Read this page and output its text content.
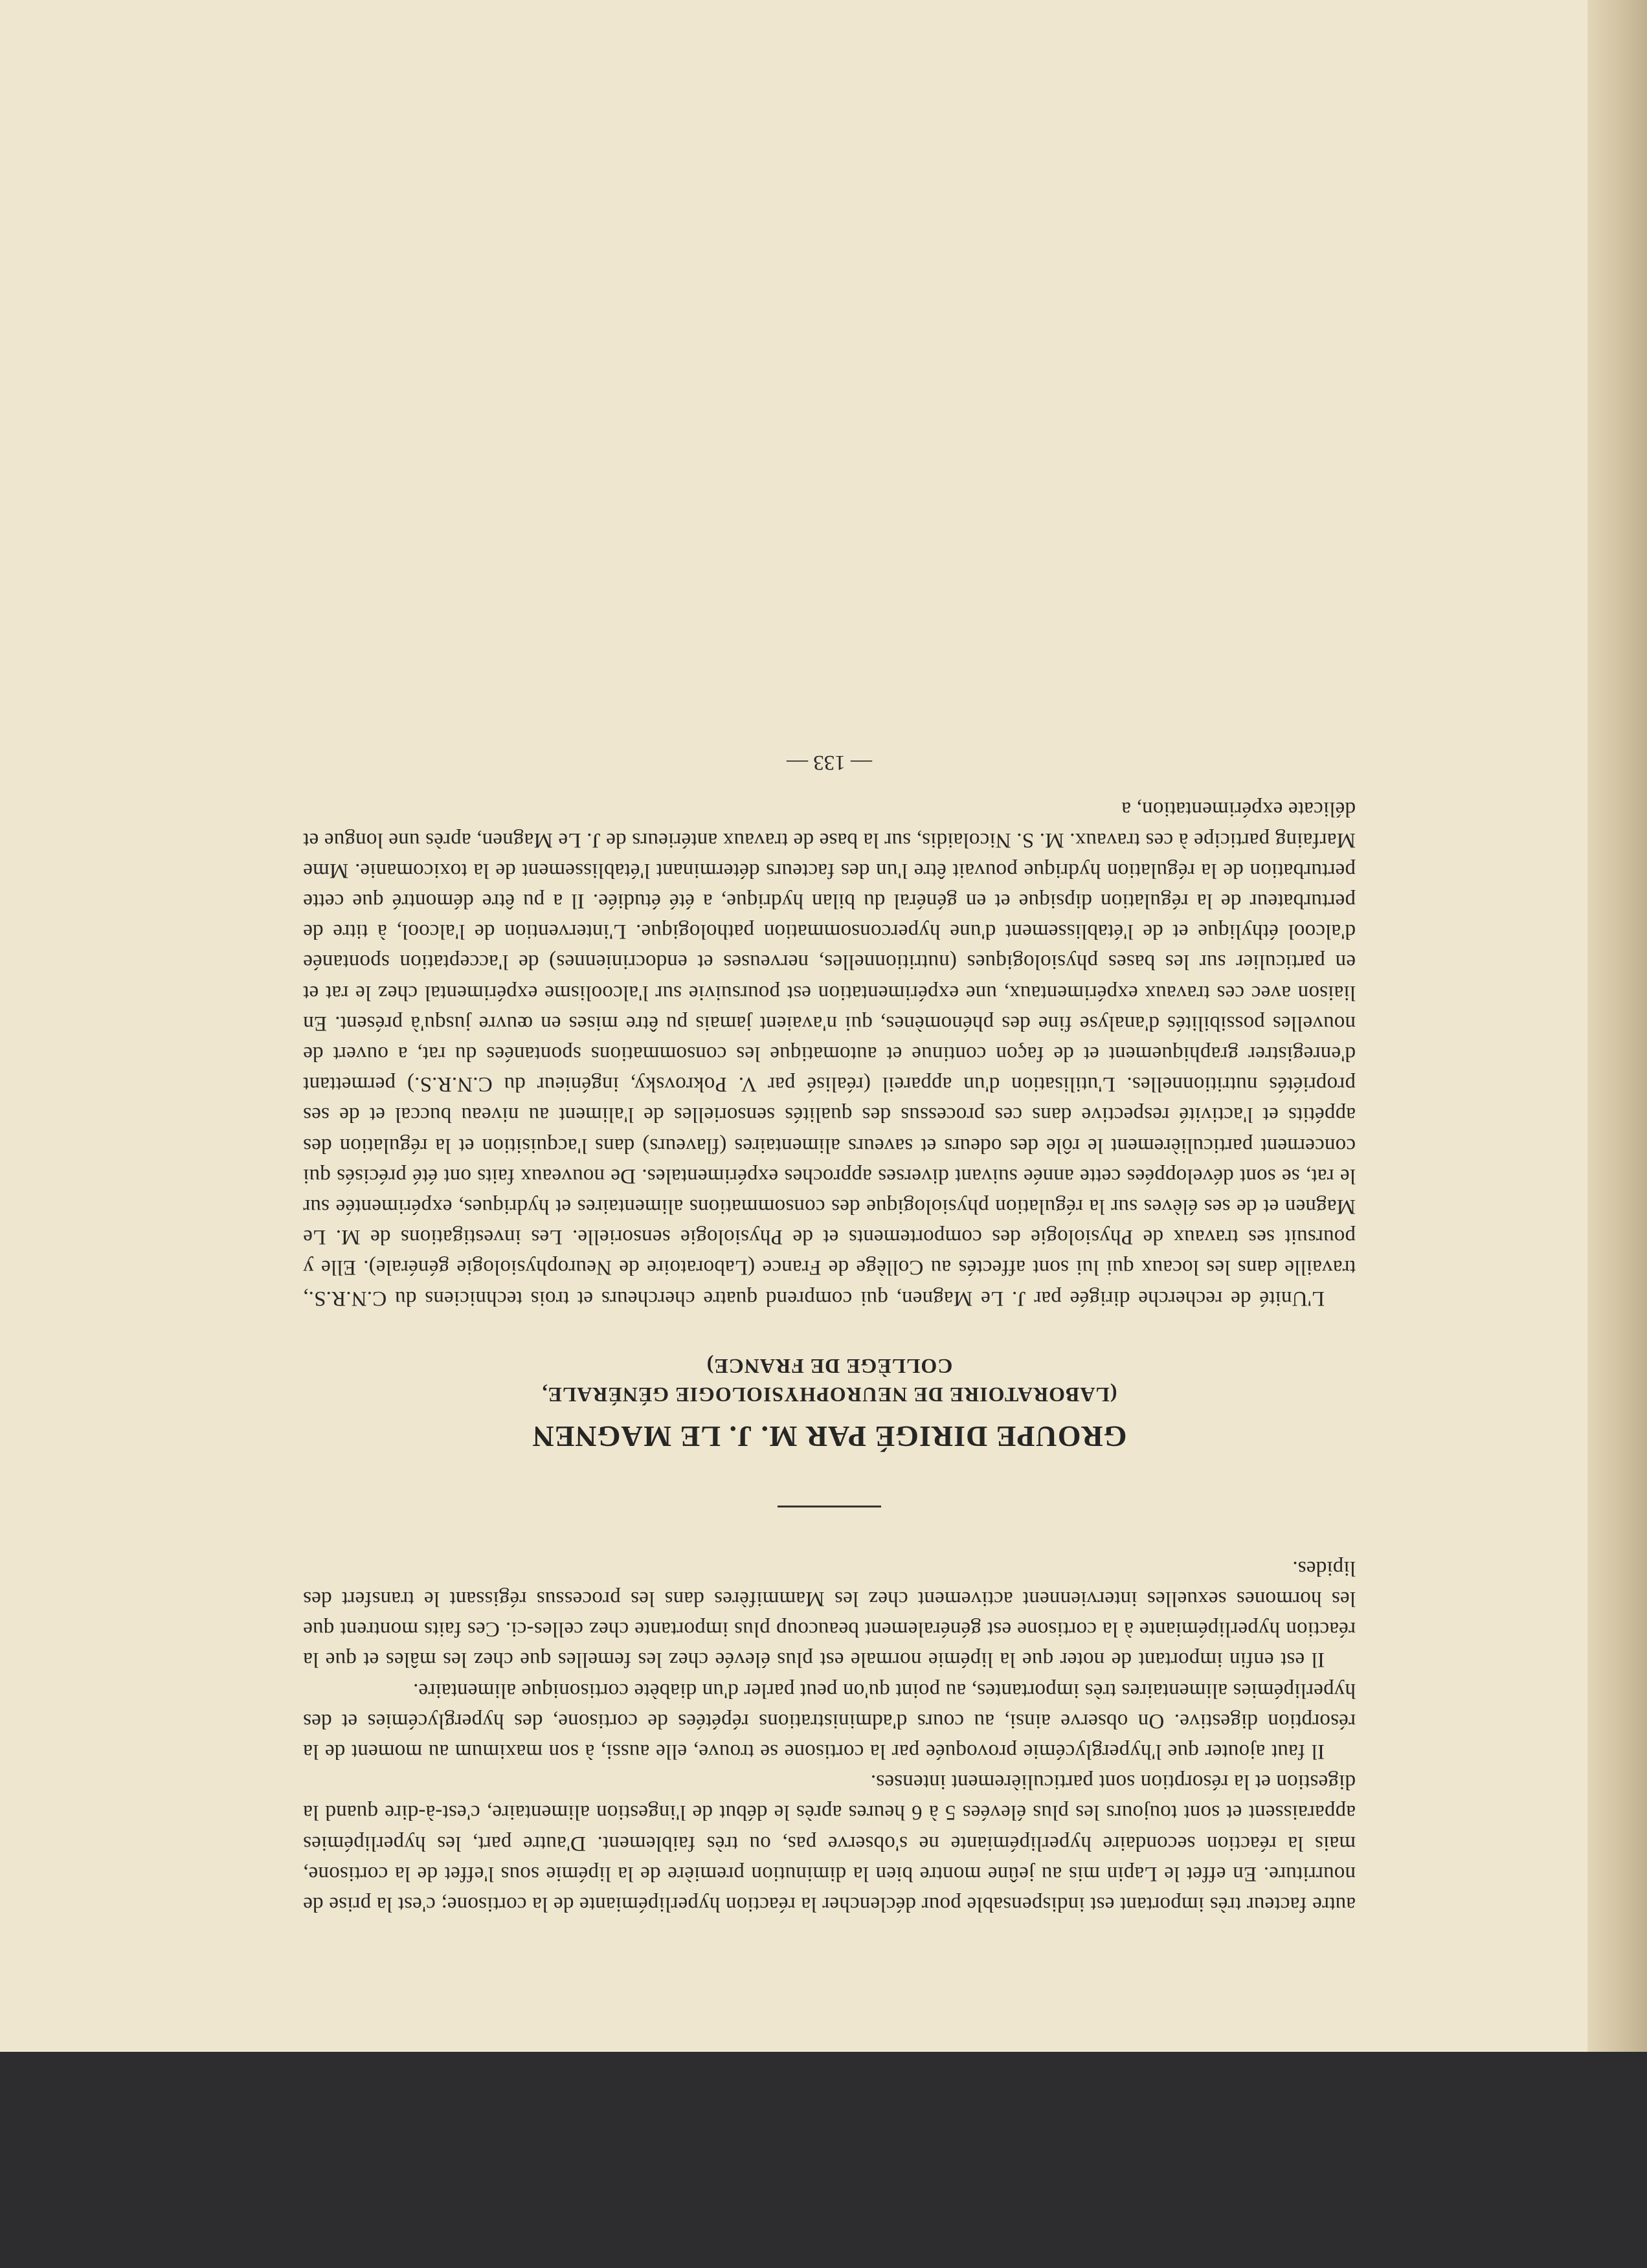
autre facteur très important est indispensable pour déclencher la réaction hyperlipémiante de la cortisone; c'est la prise de nourriture. En effet le Lapin mis au jeûne montre bien la diminution première de la lipémie sous l'effet de la cortisone, mais la réaction secondaire hyperlipémiante ne s'observe pas, ou très faiblement. D'autre part, les hyperlipémies apparaissent et sont toujours les plus élevées 5 à 6 heures après le début de l'ingestion alimentaire, c'est-à-dire quand la digestion et la résorption sont particulièrement intenses.

Il faut ajouter que l'hyperglycémie provoquée par la cortisone se trouve, elle aussi, à son maximum au moment de la résorption digestive. On observe ainsi, au cours d'administrations répétées de cortisone, des hyperglycémies et des hyperlipémies alimentaires très importantes, au point qu'on peut parler d'un diabète cortisonique alimentaire.

Il est enfin important de noter que la lipémie normale est plus élevée chez les femelles que chez les mâles et que la réaction hyperlipémiante à la cortisone est généralement beaucoup plus importante chez celles-ci. Ces faits montrent que les hormones sexuelles interviennent activement chez les Mammifères dans les processus régissant le transfert des lipides.

GROUPE DIRIGÉ PAR M. J. LE MAGNEN
(LABORATOIRE DE NEUROPHYSIOLOGIE GÉNÉRALE,
COLLÈGE DE FRANCE)

L'Unité de recherche dirigée par J. Le Magnen, qui comprend quatre chercheurs et trois techniciens du C.N.R.S., travaille dans les locaux qui lui sont affectés au Collège de France (Laboratoire de Neurophysiologie générale). Elle y poursuit ses travaux de Physiologie des comportements et de Physiologie sensorielle. Les investigations de M. Le Magnen et de ses élèves sur la régulation physiologique des consommations alimentaires et hydriques, expérimentée sur le rat, se sont développées cette année suivant diverses approches expérimentales. De nouveaux faits ont été précisés qui concernent particulièrement le rôle des odeurs et saveurs alimentaires (flaveurs) dans l'acquisition et la régulation des appétits et l'activité respective dans ces processus des qualités sensorielles de l'aliment au niveau buccal et de ses propriétés nutritionnelles. L'utilisation d'un appareil (réalisé par V. Pokrovsky, ingénieur du C.N.R.S.) permettant d'enregistrer graphiquement et de façon continue et automatique les consommations spontanées du rat, a ouvert de nouvelles possibilités d'analyse fine des phénomènes, qui n'avaient jamais pu être mises en œuvre jusqu'à présent. En liaison avec ces travaux expérimentaux, une expérimentation est poursuivie sur l'alcoolisme expérimental chez le rat et en particulier sur les bases physiologiques (nutritionnelles, nerveuses et endocriniennes) de l'acceptation spontanée d'alcool éthylique et de l'établissement d'une hyperconsommation pathologique. L'intervention de l'alcool, à titre de perturbateur de la régulation dipsique et en général du bilan hydrique, a été étudiée. Il a pu être démontré que cette perturbation de la régulation hydrique pouvait être l'un des facteurs déterminant l'établissement de la toxicomanie. Mme Marfaing participe à ces travaux. M. S. Nicolaidis, sur la base de travaux antérieurs de J. Le Magnen, après une longue et délicate expérimentation, a

— 133 —
